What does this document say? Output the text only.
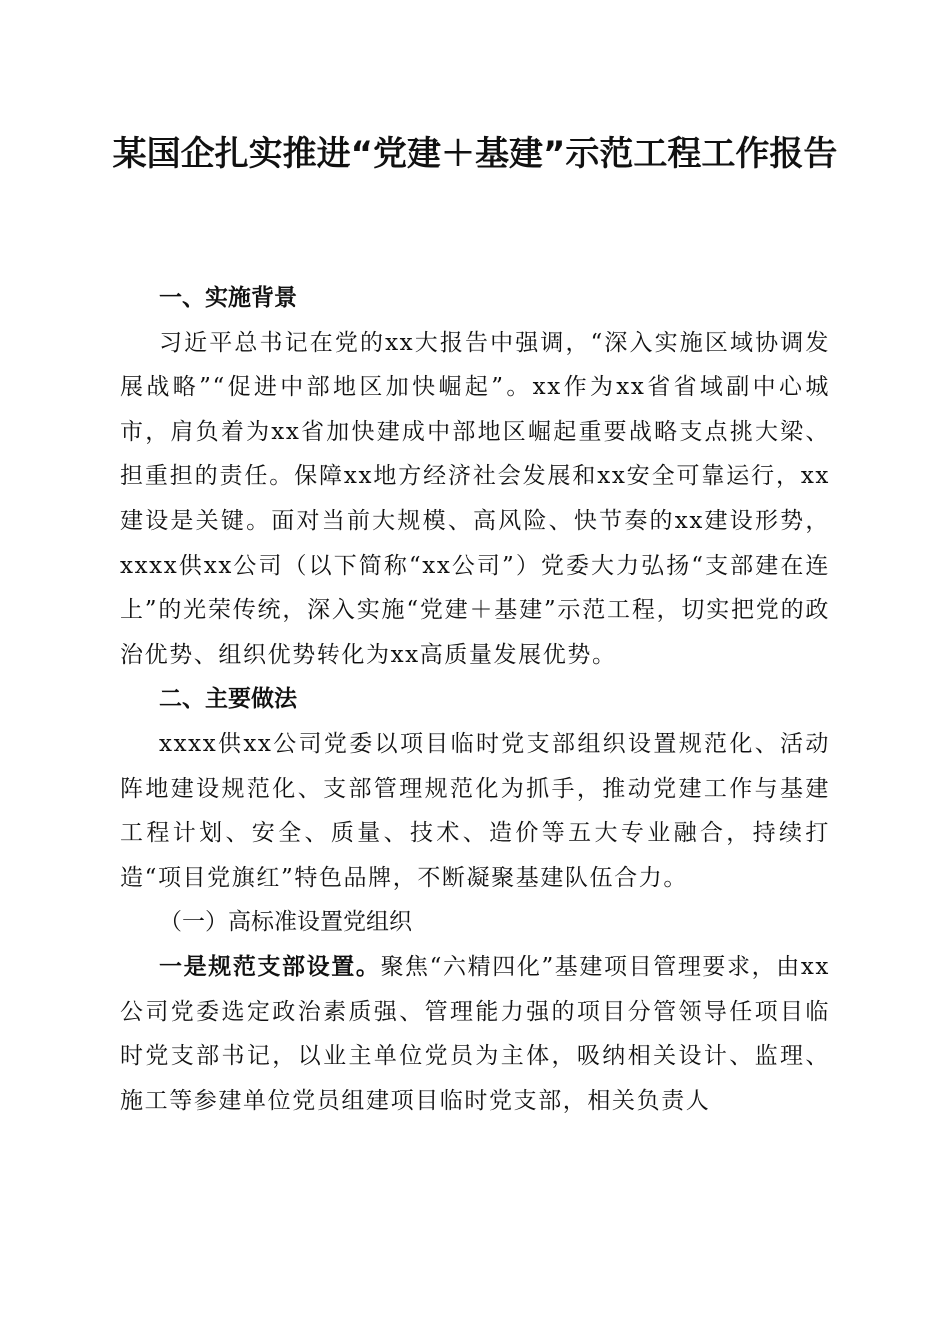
某国企扎实推进“党建＋基建”示范工程工作报告

一、实施背景

习近平总书记在党的xx大报告中强调，“深入实施区域协调发展战略”“促进中部地区加快崛起”。xx作为xx省省域副中心城市，肩负着为xx省加快建成中部地区崛起重要战略支点挑大梁、担重担的责任。保障xx地方经济社会发展和xx安全可靠运行，xx建设是关键。面对当前大规模、高风险、快节奏的xx建设形势，xxxx供xx公司（以下简称“xx公司”）党委大力弘扬“支部建在连上”的光荣传统，深入实施“党建＋基建”示范工程，切实把党的政治优势、组织优势转化为xx高质量发展优势。

二、主要做法

xxxx供xx公司党委以项目临时党支部组织设置规范化、活动阵地建设规范化、支部管理规范化为抓手，推动党建工作与基建工程计划、安全、质量、技术、造价等五大专业融合，持续打造“项目党旗红”特色品牌，不断凝聚基建队伍合力。

（一）高标准设置党组织

一是规范支部设置。聚焦“六精四化”基建项目管理要求，由xx公司党委选定政治素质强、管理能力强的项目分管领导任项目临时党支部书记，以业主单位党员为主体，吸纳相关设计、监理、施工等参建单位党员组建项目临时党支部，相关负责人
